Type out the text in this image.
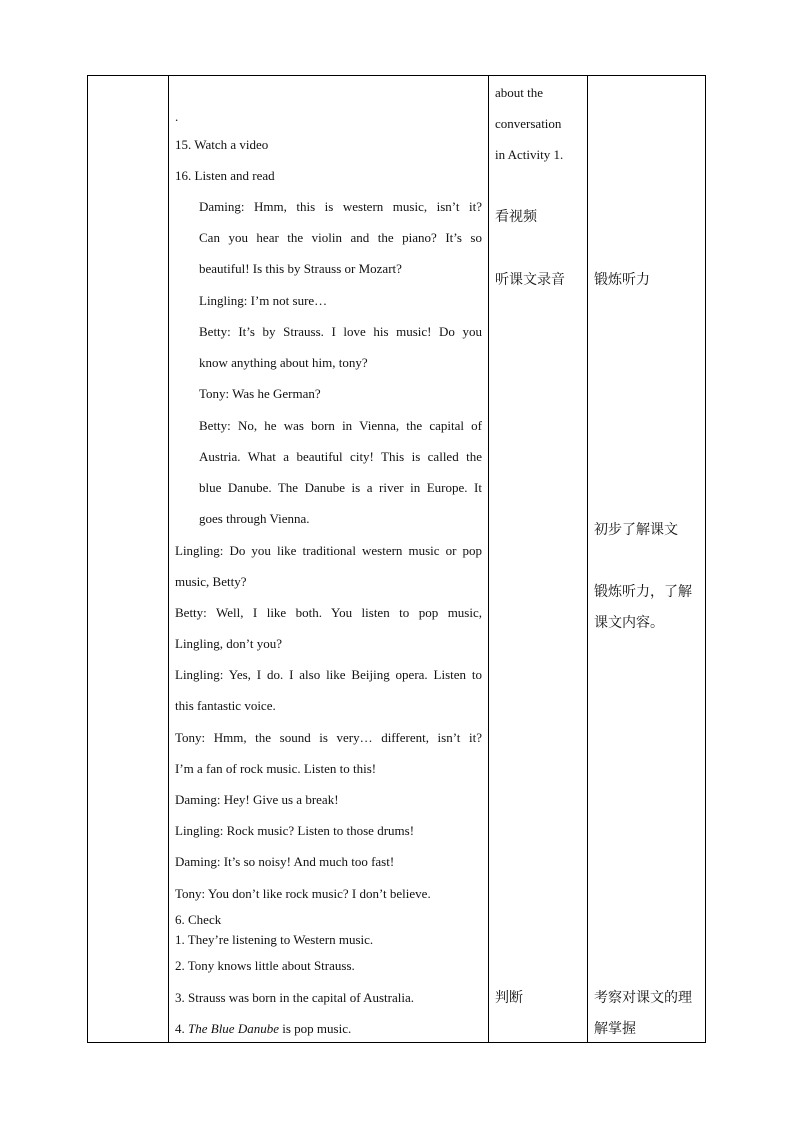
.
15. Watch a video
16. Listen and read
Daming: Hmm, this is western music, isn’t it?
Can you hear the violin and the piano? It’s so
beautiful! Is this by Strauss or Mozart?
Lingling: I’m not sure…
Betty: It’s by Strauss. I love his music! Do you
know anything about him, tony?
Tony: Was he German?
Betty: No, he was born in Vienna, the capital of
Austria. What a beautiful city! This is called the
blue Danube. The Danube is a river in Europe. It
goes through Vienna.
Lingling: Do you like traditional western music or pop
music, Betty?
Betty: Well, I like both. You listen to pop music,
Lingling, don’t you?
Lingling: Yes, I do. I also like Beijing opera. Listen to
this fantastic voice.
Tony: Hmm, the sound is very… different, isn’t it?
I’m a fan of rock music. Listen to this!
Daming: Hey! Give us a break!
Lingling: Rock music? Listen to those drums!
Daming: It’s so noisy! And much too fast!
Tony: You don’t like rock music? I don’t believe.
6. Check
1. They’re listening to Western music.
2. Tony knows little about Strauss.
3. Strauss was born in the capital of Australia.
4. The Blue Danube is pop music.
about the
conversation
in Activity 1.
看视频
听课文录音
判断
锻炼听力
初步了解课文
锻炼听力，了解
课文内容。
考察对课文的理
解掌握
